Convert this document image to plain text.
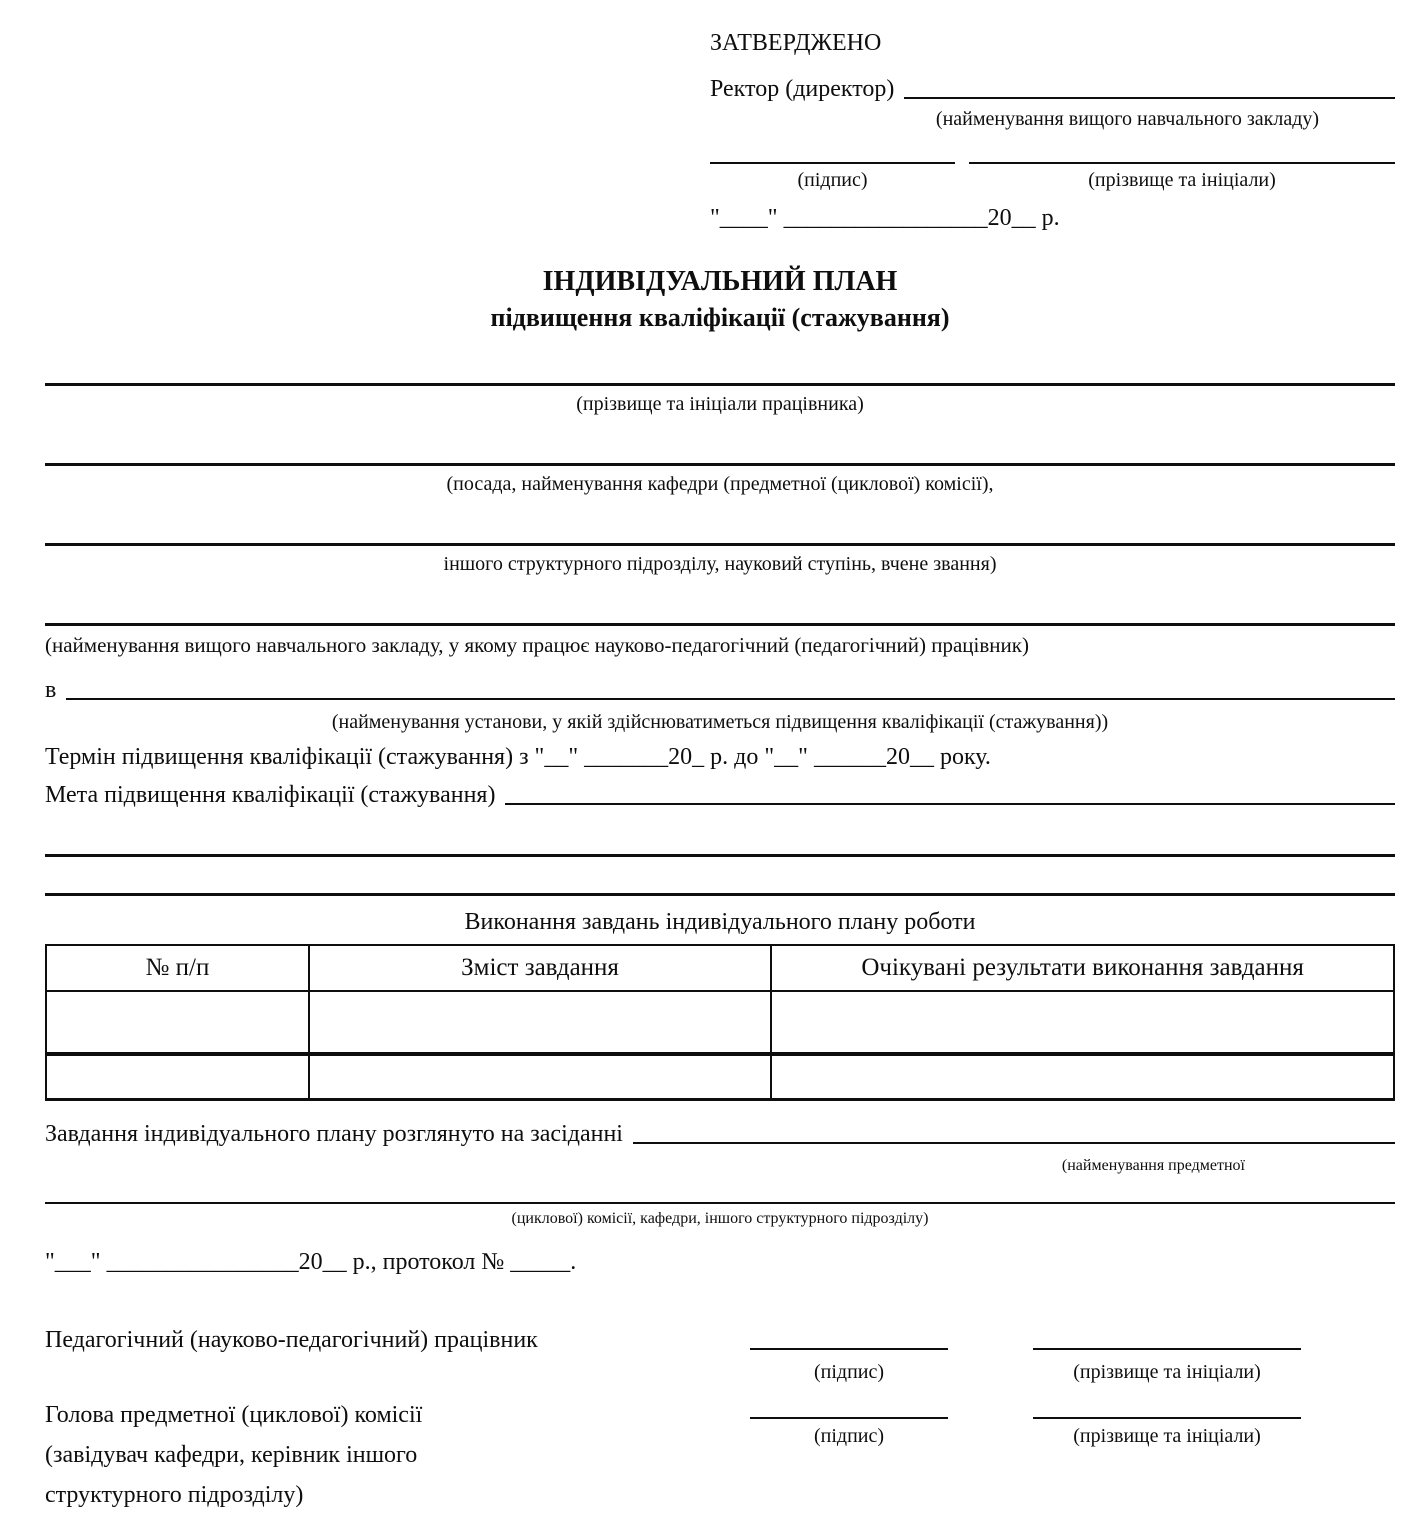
ЗАТВЕРДЖЕНО
Ректор (директор)
(найменування вищого навчального закладу)
(підпис)	(прізвище та ініціали)
"____" _________________20__ р.
ІНДИВІДУАЛЬНИЙ ПЛАН
підвищення кваліфікації (стажування)
(прізвище та ініціали працівника)
(посада, найменування кафедри (предметної (циклової) комісії),
іншого структурного підрозділу, науковий ступінь, вчене звання)
(найменування вищого навчального закладу, у якому працює науково-педагогічний (педагогічний) працівник)
в
(найменування установи, у якій здійснюватиметься підвищення кваліфікації (стажування))
Термін підвищення кваліфікації (стажування) з "__" _______20_ р. до "__" ______20__ року.
Мета підвищення кваліфікації (стажування)
Виконання завдань індивідуального плану роботи
№ п/п	Зміст завдання	Очікувані результати виконання завдання

Завдання індивідуального плану розглянуто на засіданні
(найменування предметної
(циклової) комісії, кафедри, іншого структурного підрозділу)
"___" ________________20__ р., протокол № _____.
Педагогічний (науково-педагогічний) працівник
(підпис)	(прізвище та ініціали)
Голова предметної (циклової) комісії
(завідувач кафедри, керівник іншого
структурного підрозділу)
(підпис)	(прізвище та ініціали)
